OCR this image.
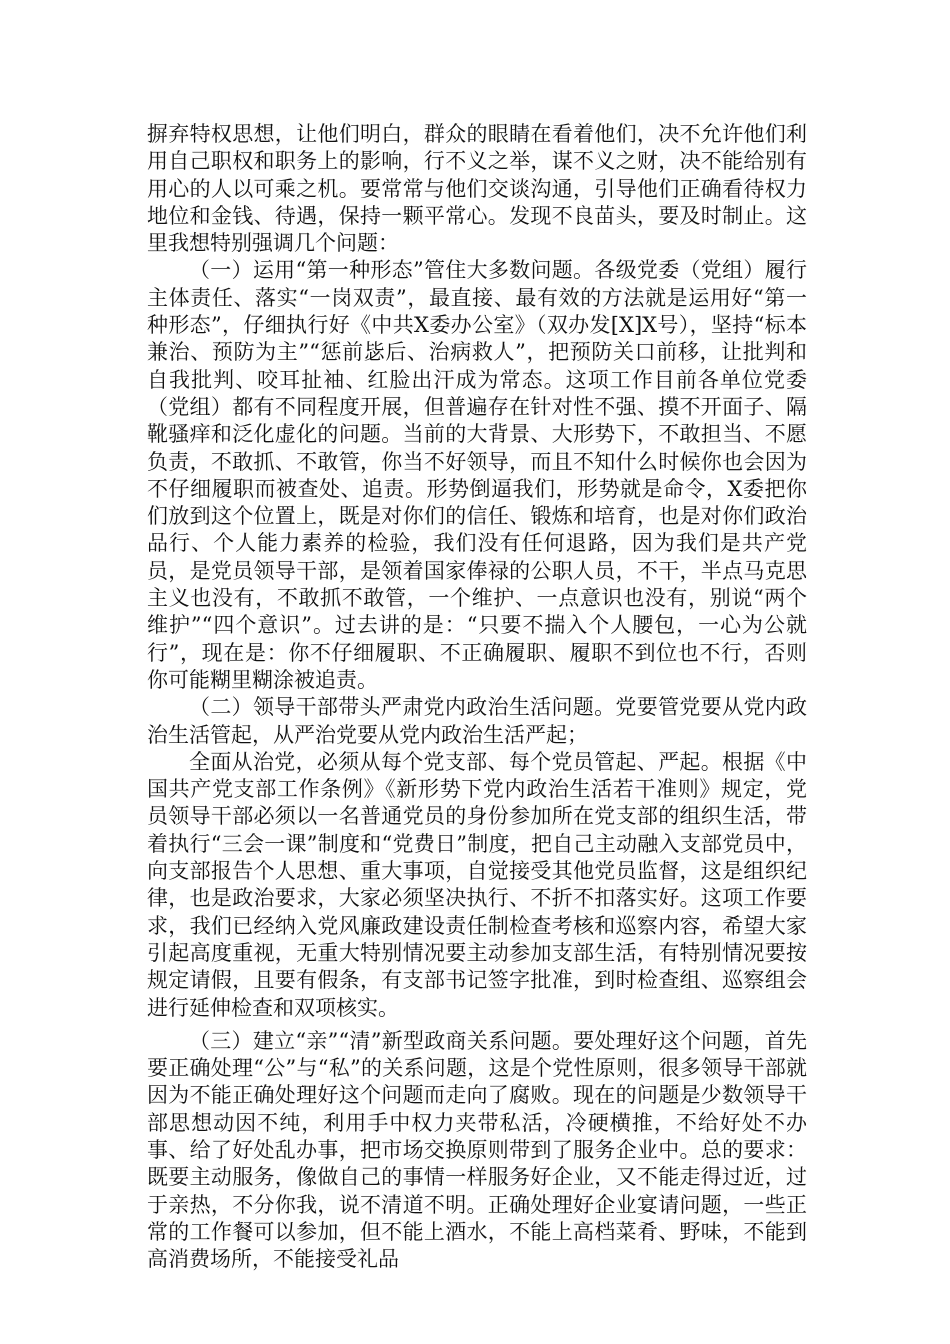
摒弃特权思想，让他们明白，群众的眼睛在看着他们，决不允许他们利用自己职权和职务上的影响，行不义之举，谋不义之财，决不能给别有用心的人以可乘之机。要常常与他们交谈沟通，引导他们正确看待权力地位和金钱、待遇，保持一颗平常心。发现不良苗头，要及时制止。这里我想特别强调几个问题：

（一）运用“第一种形态”管住大多数问题。各级党委（党组）履行主体责任、落实“一岗双责”，最直接、最有效的方法就是运用好“第一种形态”，仔细执行好《中共X委办公室》（双办发[X]X号），坚持“标本兼治、预防为主”“惩前毖后、治病救人”，把预防关口前移，让批判和自我批判、咬耳扯袖、红脸出汗成为常态。这项工作目前各单位党委（党组）都有不同程度开展，但普遍存在针对性不强、摸不开面子、隔靴骚痒和泛化虚化的问题。当前的大背景、大形势下，不敢担当、不愿负责，不敢抓、不敢管，你当不好领导，而且不知什么时候你也会因为不仔细履职而被查处、追责。形势倒逼我们，形势就是命令，X委把你们放到这个位置上，既是对你们的信任、锻炼和培育，也是对你们政治品行、个人能力素养的检验，我们没有任何退路，因为我们是共产党员，是党员领导干部，是领着国家俸禄的公职人员，不干，半点马克思主义也没有，不敢抓不敢管，一个维护、一点意识也没有，别说“两个维护”“四个意识”。过去讲的是：“只要不揣入个人腰包，一心为公就行”，现在是：你不仔细履职、不正确履职、履职不到位也不行，否则你可能糊里糊涂被追责。

（二）领导干部带头严肃党内政治生活问题。党要管党要从党内政治生活管起，从严治党要从党内政治生活严起；

全面从治党，必须从每个党支部、每个党员管起、严起。根据《中国共产党支部工作条例》《新形势下党内政治生活若干准则》规定，党员领导干部必须以一名普通党员的身份参加所在党支部的组织生活，带着执行“三会一课”制度和“党费日”制度，把自己主动融入支部党员中，向支部报告个人思想、重大事项，自觉接受其他党员监督，这是组织纪律，也是政治要求，大家必须坚决执行、不折不扣落实好。这项工作要求，我们已经纳入党风廉政建设责任制检查考核和巡察内容，希望大家引起高度重视，无重大特别情况要主动参加支部生活，有特别情况要按规定请假，且要有假条，有支部书记签字批准，到时检查组、巡察组会进行延伸检查和双项核实。

（三）建立“亲”“清”新型政商关系问题。要处理好这个问题，首先要正确处理“公”与“私”的关系问题，这是个党性原则，很多领导干部就因为不能正确处理好这个问题而走向了腐败。现在的问题是少数领导干部思想动因不纯，利用手中权力夹带私活，冷硬横推，不给好处不办事、给了好处乱办事，把市场交换原则带到了服务企业中。总的要求：既要主动服务，像做自己的事情一样服务好企业，又不能走得过近，过于亲热，不分你我，说不清道不明。正确处理好企业宴请问题，一些正常的工作餐可以参加，但不能上酒水，不能上高档菜肴、野味，不能到高消费场所，不能接受礼品
